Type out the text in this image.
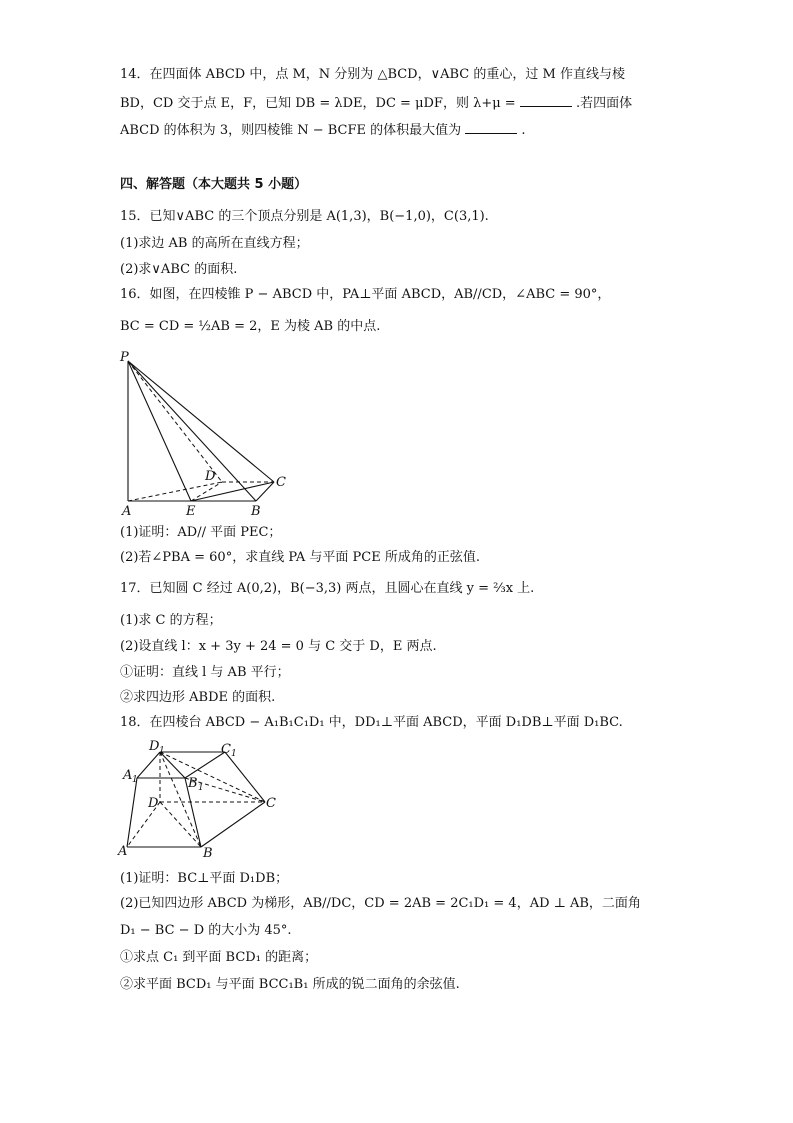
14．在四面体 ABCD 中，点 M，N 分别为 △BCD，∨ABC 的重心，过 M 作直线与棱
BD，CD 交于点 E，F，已知 DB = λDE，DC = μDF，则 λ+μ =	.若四面体
ABCD 的体积为 3，则四棱锥 N − BCFE 的体积最大值为	.
四、解答题（本大题共 5 小题）
15．已知∨ABC 的三个顶点分别是 A(1,3)，B(−1,0)，C(3,1).
(1)求边 AB 的高所在直线方程；
(2)求∨ABC 的面积.
16．如图，在四棱锥 P − ABCD 中，PA⊥平面 ABCD，AB//CD，∠ABC = 90°，
BC = CD = ½AB = 2，E 为棱 AB 的中点.
P
A	E	B
C
D
(1)证明：AD// 平面 PEC；
(2)若∠PBA = 60°，求直线 PA 与平面 PCE 所成角的正弦值.
17．已知圆 C 经过 A(0,2)，B(−3,3) 两点，且圆心在直线 y = ⅔x 上.
(1)求 C 的方程；
(2)设直线 l：x + 3y + 24 = 0 与 C 交于 D，E 两点.
①证明：直线 l 与 AB 平行；
②求四边形 ABDE 的面积.
18．在四棱台 ABCD − A₁B₁C₁D₁ 中，DD₁⊥平面 ABCD，平面 D₁DB⊥平面 D₁BC.
D 1	C 1
A 1	B 1
D	C
A	B
(1)证明：BC⊥平面 D₁DB；
(2)已知四边形 ABCD 为梯形，AB//DC，CD = 2AB = 2C₁D₁ = 4，AD ⊥ AB，二面角
D₁ − BC − D 的大小为 45°.
①求点 C₁ 到平面 BCD₁ 的距离；
②求平面 BCD₁ 与平面 BCC₁B₁ 所成的锐二面角的余弦值.
